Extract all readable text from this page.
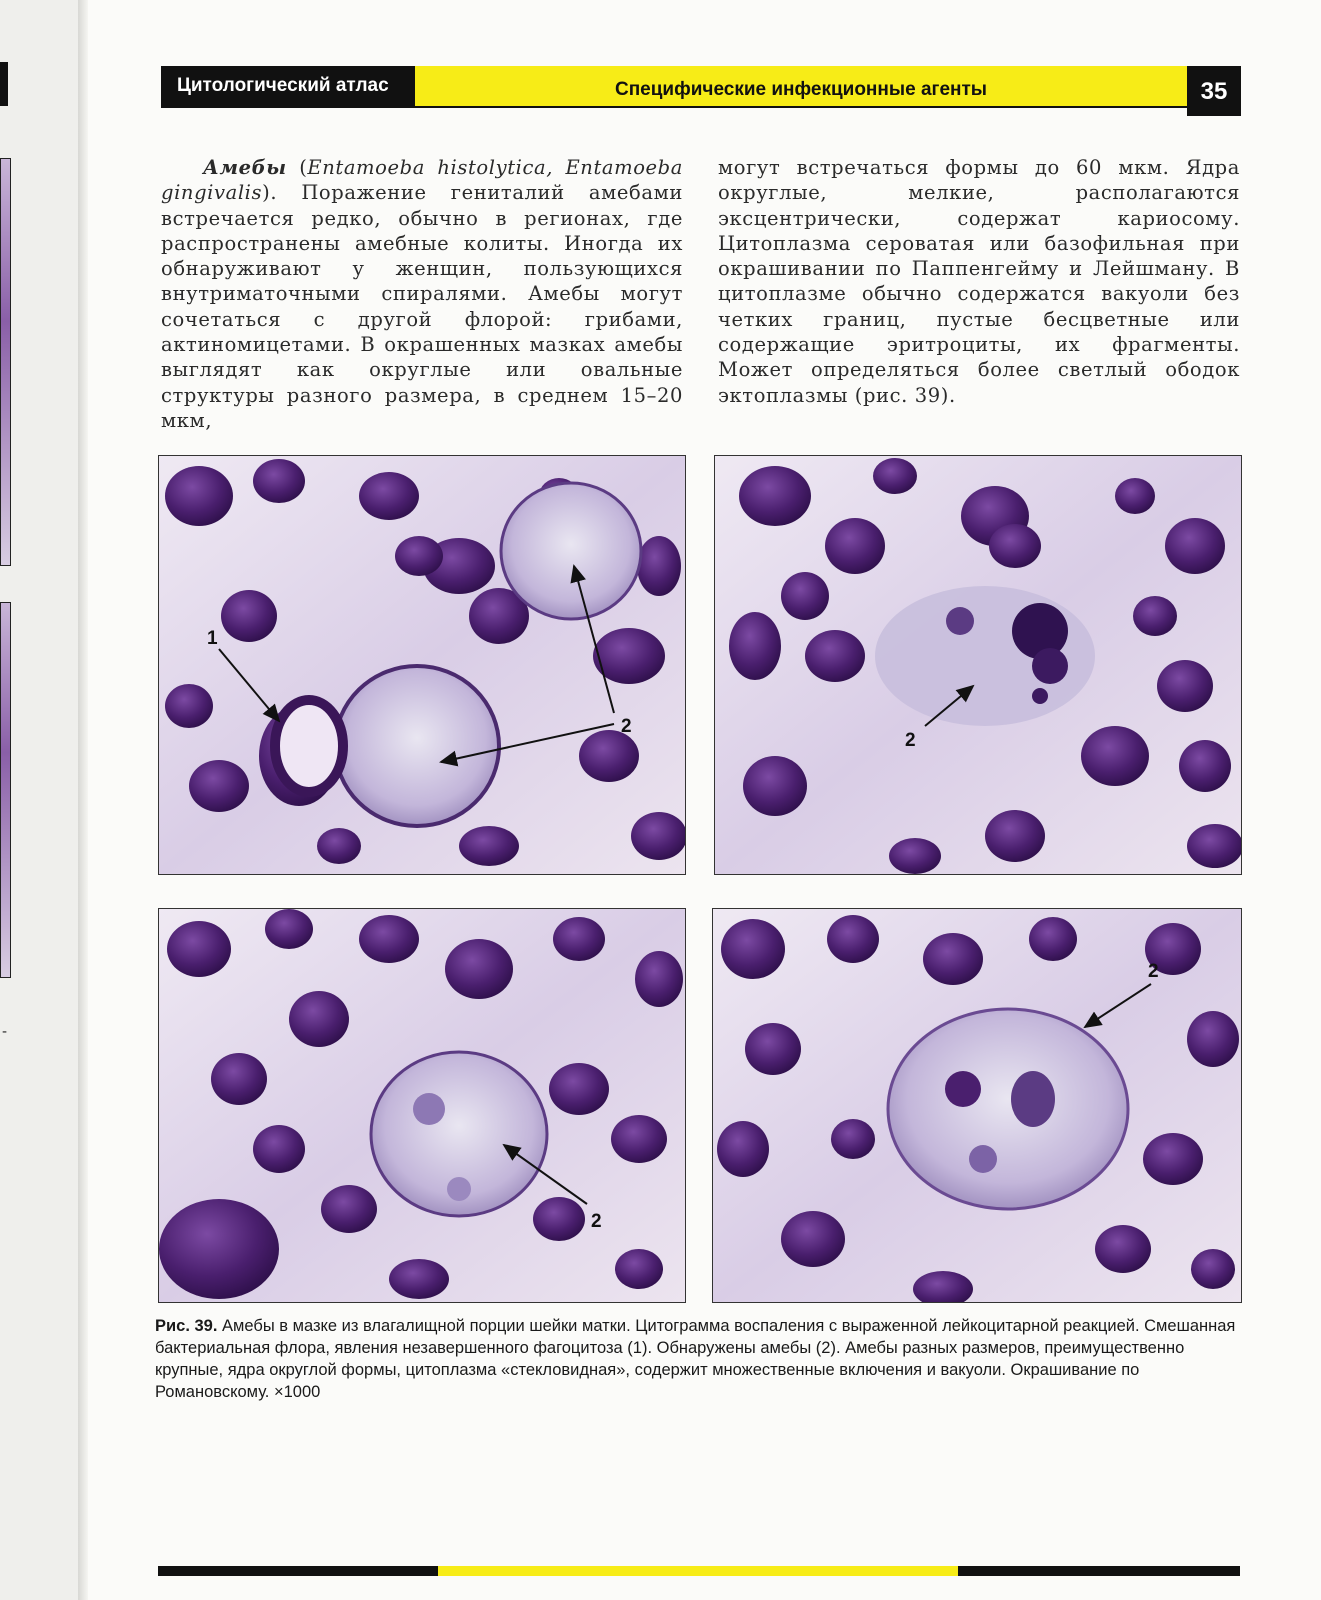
-
Цитологический атлас	Специфические инфекционные агенты	35
Амебы (Entamoeba histolytica, Entamoeba gingivalis). Поражение гениталий амебами встречается редко, обычно в регионах, где распространены амебные колиты. Иногда их обнаруживают у женщин, пользующихся внутриматочными спиралями. Амебы могут сочетаться с другой флорой: грибами, актиномицетами. В окрашенных мазках амебы выглядят как округлые или овальные структуры разного размера, в среднем 15–20 мкм,
могут встречаться формы до 60 мкм. Ядра округлые, мелкие, располагаются эксцентрически, содержат кариосому. Цитоплазма сероватая или базофильная при окрашивании по Паппенгейму и Лейшману. В цитоплазме обычно содержатся вакуоли без четких границ, пустые бесцветные или содержащие эритроциты, их фрагменты. Может определяться более светлый ободок эктоплазмы (рис. 39).
1
2
2
2
2
Рис. 39. Амебы в мазке из влагалищной порции шейки матки. Цитограмма воспаления с выраженной лейкоцитарной реакцией. Смешанная бактериальная флора, явления незавершенного фагоцитоза (1). Обнаружены амебы (2). Амебы разных размеров, преимущественно крупные, ядра округлой формы, цитоплазма «стекловидная», содержит множественные включения и вакуоли. Окрашивание по Романовскому. ×1000
